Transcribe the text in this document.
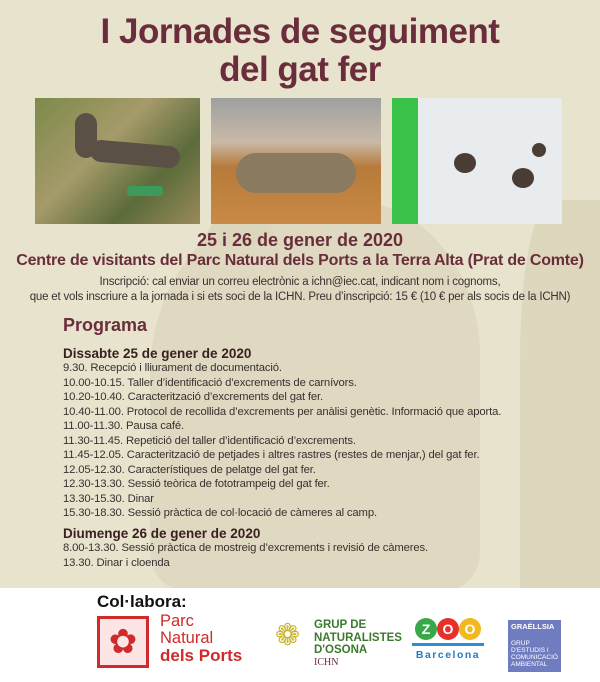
I Jornades de seguiment
del gat fer
25 i 26 de gener de 2020
Centre de visitants del Parc Natural dels Ports a la Terra Alta (Prat de Comte)
Inscripció: cal enviar un correu electrònic a ichn@iec.cat, indicant nom i cognoms,
que et vols inscriure a la jornada i si ets soci de la ICHN. Preu d’inscripció: 15 € (10 € per als socis de la ICHN)
Programa
Dissabte 25 de gener de 2020
9.30. Recepció i lliurament de documentació.
10.00-10.15. Taller d’identificació d’excrements de carnívors.
10.20-10.40. Caracterització d’excrements del gat fer.
10.40-11.00. Protocol de recollida d’excrements per anàlisi genètic. Informació que aporta.
11.00-11.30. Pausa café.
11.30-11.45. Repetició del taller d’identificació d’excrements.
11.45-12.05. Caracterització de petjades i altres rastres (restes de menjar,) del gat fer.
12.05-12.30. Característiques de pelatge del gat fer.
12.30-13.30. Sessió teòrica de fototrampeig del gat fer.
13.30-15.30. Dinar
15.30-18.30. Sessió pràctica de col·locació de càmeres al camp.
Diumenge 26 de gener de 2020
8.00-13.30. Sessió pràctica de mostreig d’excrements i revisió de càmeres.
13.30. Dinar i cloenda
Col·labora:
✿
Parc
Natural
dels Ports
❁ GRUP DE
NATURALISTES
D'OSONA
ICHN
Z O O
Barcelona
GRAËLLSIA
GRUP
D'ESTUDIS I
COMUNICACIÓ
AMBIENTAL
